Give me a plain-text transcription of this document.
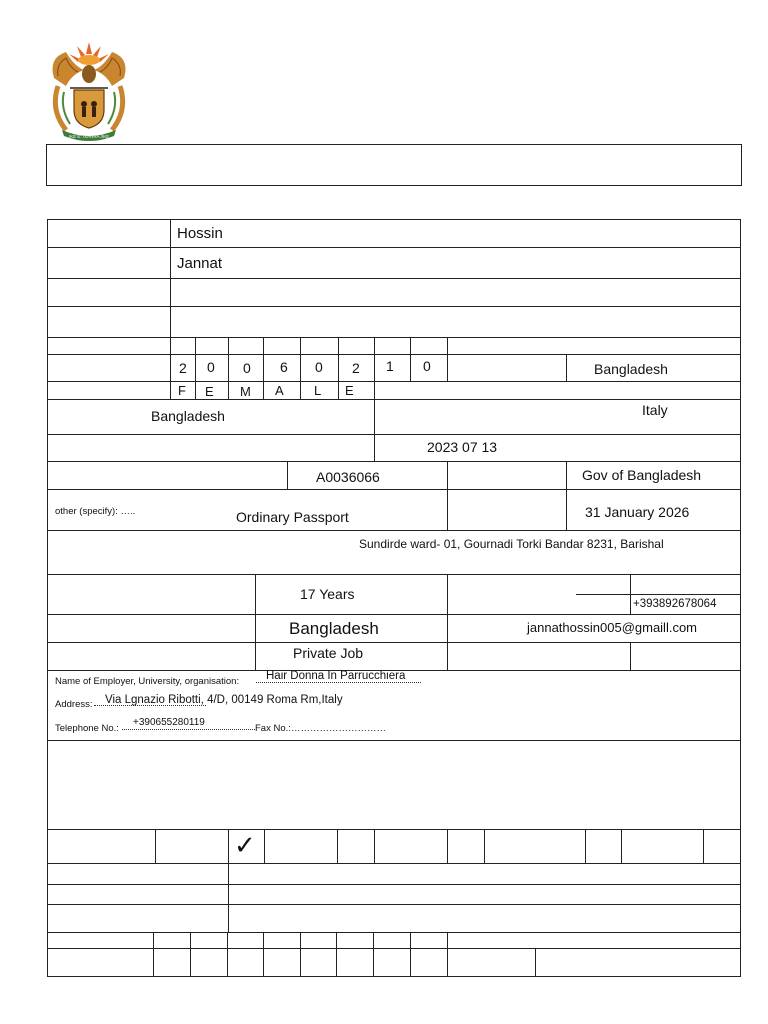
!KE E: /XARRA //KE
Hossin
Jannat
2 0 0 6 0 2 1 0	Bangladesh
F E M A L E
Bangladesh	Italy
2023 07 13
A0036066	Gov of Bangladesh
other (specify): …..	Ordinary Passport	31 January 2026
Sundirde ward- 01, Gournadi Torki Bandar 8231, Barishal
17 Years
+393892678064
Bangladesh	jannathossin005@gmaill.com
Private Job
Name of Employer, University, organisation: Hair Donna In Parrucchiera
Address: Via Lgnazio Ribotti, 4/D, 00149 Roma Rm,Italy
Telephone No.:
+390655280119
Fax No.: …………………………
✓
